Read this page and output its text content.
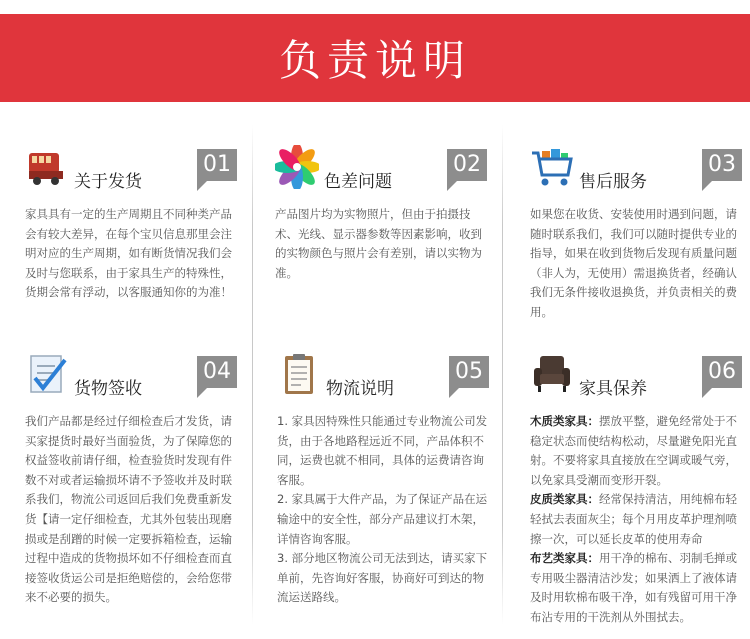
负责说明
关于发货
01
家具具有一定的生产周期且不同种类产品会有较大差异，在每个宝贝信息那里会注明对应的生产周期，如有断货情况我们会及时与您联系，由于家具生产的特殊性，货期会常有浮动，以客服通知你的为准！
色差问题
02
产品图片均为实物照片，但由于拍摄技术、光线、显示器参数等因素影响，收到的实物颜色与照片会有差别，请以实物为准。
售后服务
03
如果您在收货、安装使用时遇到问题，请随时联系我们，我们可以随时提供专业的指导，如果在收到货物后发现有质量问题（非人为，无使用）需退换货者，经确认我们无条件接收退换货，并负责相关的费用。
货物签收
04
我们产品都是经过仔细检查后才发货，请买家提货时最好当面验货，为了保障您的权益签收前请仔细，检查验货时发现有件数不对或者运输损坏请不予签收并及时联系我们，物流公司返回后我们免费重新发货【请一定仔细检查，尤其外包装出现磨损或是刮蹭的时候一定要拆箱检查，运输过程中造成的货物损坏如不仔细检查而直接签收货运公司是拒绝赔偿的，会给您带来不必要的损失。
物流说明
05

1. 家具因特殊性只能通过专业物流公司发货，由于各地路程远近不同，产品体积不同，运费也就不相同，具体的运费请咨询客服。

2. 家具属于大件产品，为了保证产品在运输途中的安全性，部分产品建议打木架，详情咨询客服。

3. 部分地区物流公司无法到达，请买家下单前，先咨询好客服，协商好可到达的物流运送路线。

家具保养
06

木质类家具：摆放平整，避免经常处于不稳定状态而使结构松动，尽量避免阳光直射。不要将家具直接放在空调或暖气旁，以免家具受潮而变形开裂。

皮质类家具：经常保持清洁，用纯棉布轻轻拭去表面灰尘；每个月用皮革护理剂喷擦一次，可以延长皮革的使用寿命

布艺类家具：用干净的棉布、羽制毛掸或专用吸尘器清洁沙发；如果洒上了液体请及时用软棉布吸干净，如有残留可用干净布沾专用的干洗剂从外围拭去。
